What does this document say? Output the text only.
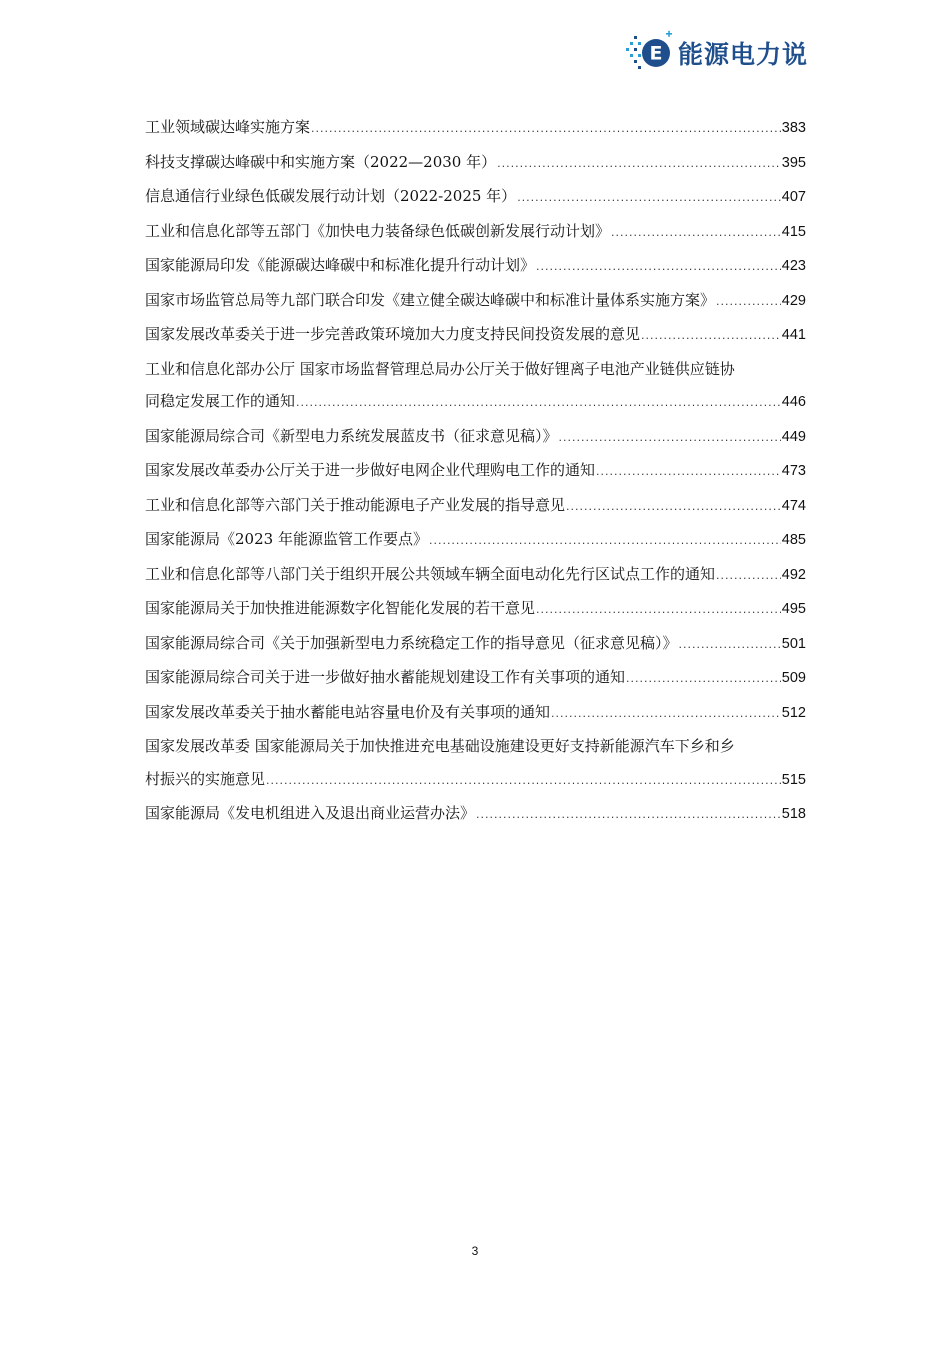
E 能源电力说
工业领域碳达峰实施方案 .....	383
科技支撑碳达峰碳中和实施方案（2022—2030 年） .....	395
信息通信行业绿色低碳发展行动计划（2022-2025 年） .....	407
工业和信息化部等五部门《加快电力装备绿色低碳创新发展行动计划》 .....	415
国家能源局印发《能源碳达峰碳中和标准化提升行动计划》 .....	423
国家市场监管总局等九部门联合印发《建立健全碳达峰碳中和标准计量体系实施方案》 .....	429
国家发展改革委关于进一步完善政策环境加大力度支持民间投资发展的意见 .....	441
工业和信息化部办公厅 国家市场监督管理总局办公厅关于做好锂离子电池产业链供应链协
同稳定发展工作的通知 .....	446
国家能源局综合司《新型电力系统发展蓝皮书（征求意见稿）》 .....	449
国家发展改革委办公厅关于进一步做好电网企业代理购电工作的通知 .....	473
工业和信息化部等六部门关于推动能源电子产业发展的指导意见 .....	474
国家能源局《2023 年能源监管工作要点》 .....	485
工业和信息化部等八部门关于组织开展公共领域车辆全面电动化先行区试点工作的通知 .....	492
国家能源局关于加快推进能源数字化智能化发展的若干意见 .....	495
国家能源局综合司《关于加强新型电力系统稳定工作的指导意见（征求意见稿）》 .....	501
国家能源局综合司关于进一步做好抽水蓄能规划建设工作有关事项的通知 .....	509
国家发展改革委关于抽水蓄能电站容量电价及有关事项的通知 .....	512
国家发展改革委 国家能源局关于加快推进充电基础设施建设更好支持新能源汽车下乡和乡
村振兴的实施意见 .....	515
国家能源局《发电机组进入及退出商业运营办法》 .....	518
3
